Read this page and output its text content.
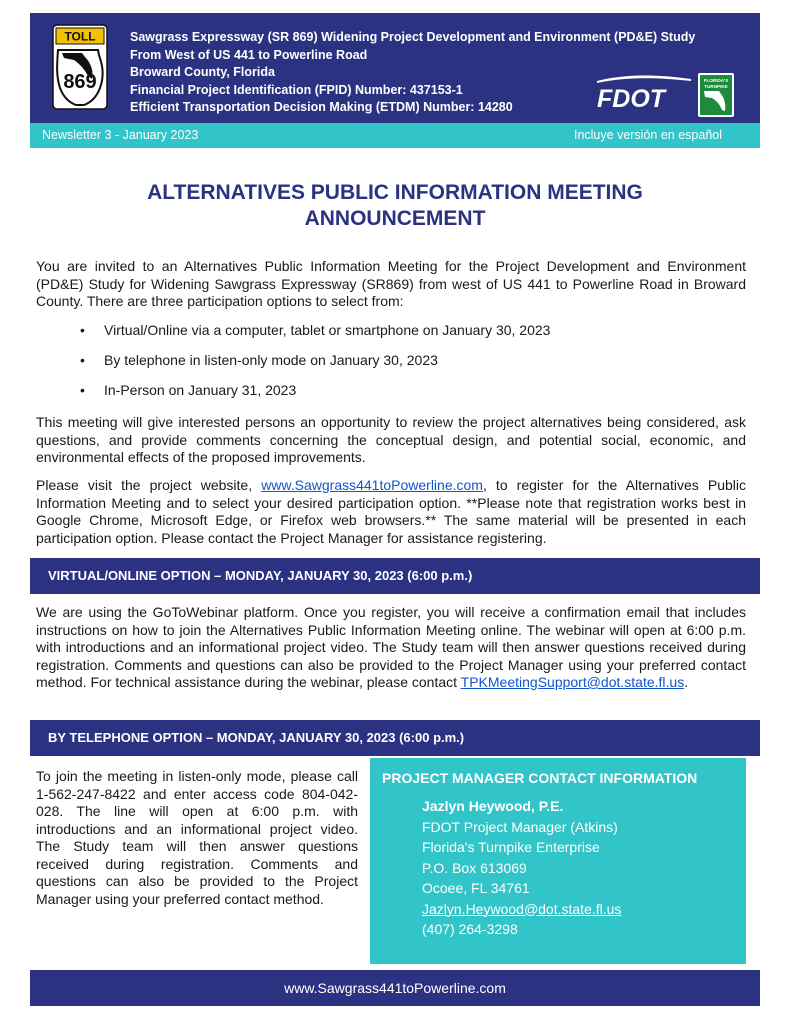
TOLL
869
Sawgrass Expressway (SR 869) Widening Project Development and Environment (PD&E) Study
From West of US 441 to Powerline Road
Broward County, Florida
Financial Project Identification (FPID) Number: 437153-1
Efficient Transportation Decision Making (ETDM) Number: 14280	FDOT
FLORIDA'S
TURNPIKE
Newsletter 3 - January 2023	Incluye versión en español
ALTERNATIVES PUBLIC INFORMATION MEETING
ANNOUNCEMENT

You are invited to an Alternatives Public Information Meeting for the Project Development and Environment (PD&E) Study for Widening Sawgrass Expressway (SR869) from west of US 441 to Powerline Road in Broward County. There are three participation options to select from:

• Virtual/Online via a computer, tablet or smartphone on January 30, 2023
• By telephone in listen-only mode on January 30, 2023
• In-Person on January 31, 2023

This meeting will give interested persons an opportunity to review the project alternatives being considered, ask questions, and provide comments concerning the conceptual design, and potential social, economic, and environmental effects of the proposed improvements.

Please visit the project website, www.Sawgrass441toPowerline.com, to register for the Alternatives Public Information Meeting and to select your desired participation option. **Please note that registration works best in Google Chrome, Microsoft Edge, or Firefox web browsers.** The same material will be presented in each participation option. Please contact the Project Manager for assistance registering.

VIRTUAL/ONLINE OPTION – MONDAY, JANUARY 30, 2023 (6:00 p.m.)

We are using the GoToWebinar platform. Once you register, you will receive a confirmation email that includes instructions on how to join the Alternatives Public Information Meeting online. The webinar will open at 6:00 p.m. with introductions and an informational project video. The Study team will then answer questions received during registration. Comments and questions can also be provided to the Project Manager using your preferred contact method. For technical assistance during the webinar, please contact TPKMeetingSupport@dot.state.fl.us.

BY TELEPHONE OPTION – MONDAY, JANUARY 30, 2023 (6:00 p.m.)

To join the meeting in listen-only mode, please call 1-562-247-8422 and enter access code 804-042-028. The line will open at 6:00 p.m. with introductions and an informational project video. The Study team will then answer questions received during registration. Comments and questions can also be provided to the Project Manager using your preferred contact method.

PROJECT MANAGER CONTACT INFORMATION
Jazlyn Heywood, P.E.
FDOT Project Manager (Atkins)
Florida's Turnpike Enterprise
P.O. Box 613069
Ocoee, FL 34761
Jazlyn.Heywood@dot.state.fl.us
(407) 264-3298
www.Sawgrass441toPowerline.com
